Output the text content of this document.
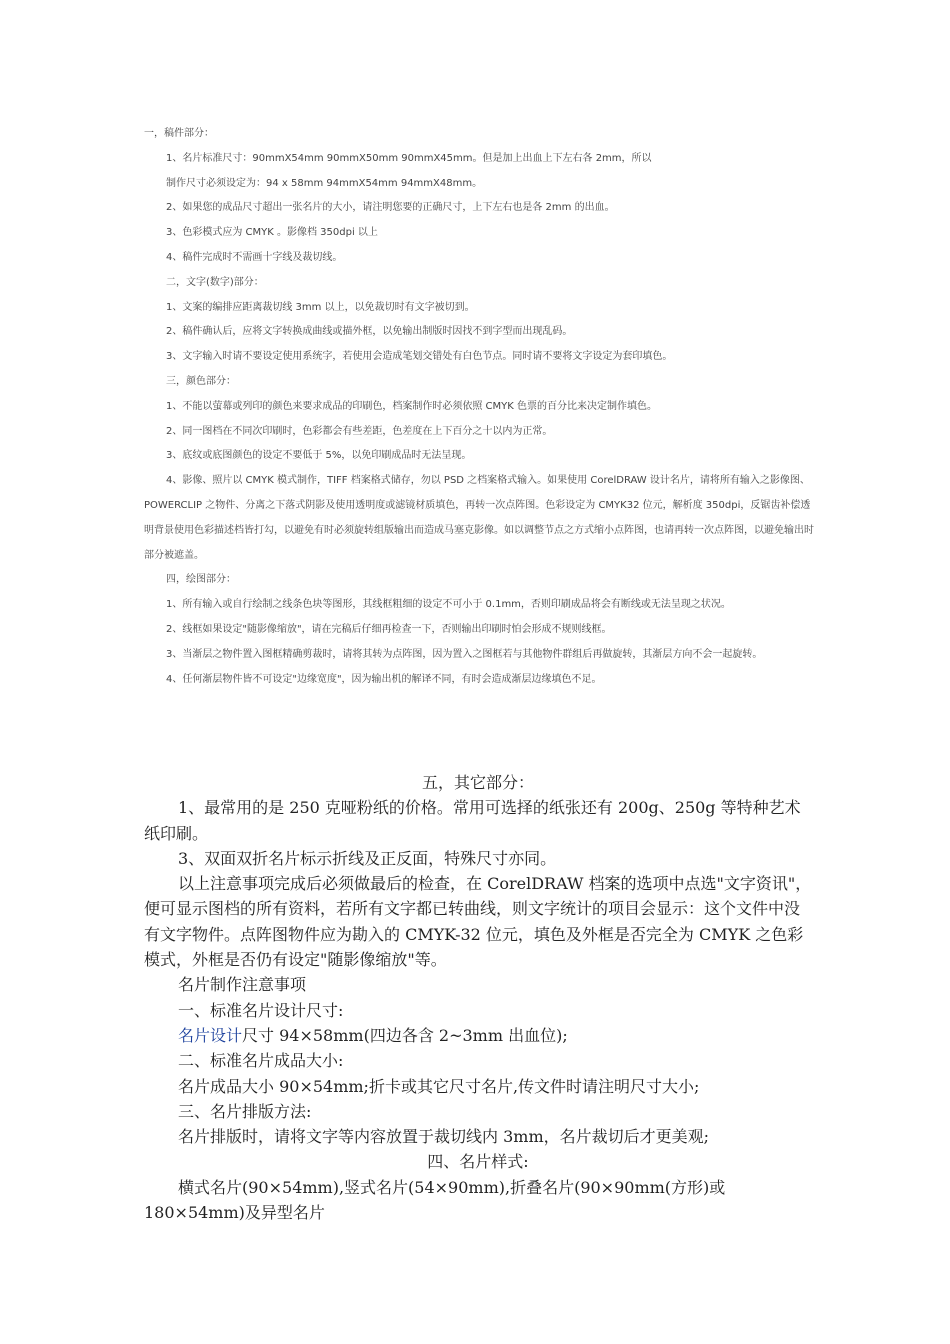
一，稿件部分：

1、名片标准尺寸：90mmX54mm 90mmX50mm 90mmX45mm。但是加上出血上下左右各 2mm，所以

制作尺寸必须设定为：94 x 58mm 94mmX54mm 94mmX48mm。

2、如果您的成品尺寸超出一张名片的大小，请注明您要的正确尺寸，上下左右也是各 2mm 的出血。

3、色彩模式应为 CMYK 。影像档 350dpi 以上

4、稿件完成时不需画十字线及裁切线。

二，文字(数字)部分：

1、文案的编排应距离裁切线 3mm 以上，以免裁切时有文字被切到。

2、稿件确认后，应将文字转换成曲线或描外框，以免输出制版时因找不到字型而出现乱码。

3、文字输入时请不要设定使用系统字，若使用会造成笔划交错处有白色节点。同时请不要将文字设定为套印填色。

三，颜色部分：

1、不能以萤幕或列印的颜色来要求成品的印刷色，档案制作时必须依照 CMYK 色票的百分比来决定制作填色。

2、同一图档在不同次印刷时，色彩都会有些差距，色差度在上下百分之十以内为正常。

3、底纹或底图颜色的设定不要低于 5%，以免印刷成品时无法呈现。

4、影像、照片以 CMYK 模式制作，TIFF 档案格式储存，勿以 PSD 之档案格式输入。如果使用 CorelDRAW 设计名片，请将所有输入之影像图、POWERCLIP 之物件、分离之下落式阴影及使用透明度或滤镜材质填色，再转一次点阵图。色彩设定为 CMYK32 位元，解析度 350dpi，反锯齿补偿透明背景使用色彩描述档皆打勾，以避免有时必须旋转组版输出而造成马塞克影像。如以调整节点之方式缩小点阵图，也请再转一次点阵图，以避免输出时部分被遮盖。

四，绘图部分：

1、所有输入或自行绘制之线条色块等图形，其线框粗细的设定不可小于 0.1mm，否则印刷成品将会有断线或无法呈现之状况。

2、线框如果设定"随影像缩放"，请在完稿后仔细再检查一下，否则输出印刷时怕会形成不规则线框。

3、当渐层之物件置入图框精确剪裁时，请将其转为点阵图，因为置入之图框若与其他物件群组后再做旋转，其渐层方向不会一起旋转。

4、任何渐层物件皆不可设定"边缘宽度"，因为输出机的解译不同，有时会造成渐层边缘填色不足。

五，其它部分：

1、最常用的是 250 克哑粉纸的价格。常用可选择的纸张还有 200g、250g 等特种艺术纸印刷。

3、双面双折名片标示折线及正反面，特殊尺寸亦同。

以上注意事项完成后必须做最后的检查，在 CorelDRAW 档案的选项中点选"文字资讯"，便可显示图档的所有资料，若所有文字都已转曲线，则文字统计的项目会显示：这个文件中没有文字物件。点阵图物件应为勘入的 CMYK-32 位元，填色及外框是否完全为 CMYK 之色彩模式，外框是否仍有设定"随影像缩放"等。

名片制作注意事项

一、标准名片设计尺寸:

名片设计尺寸 94×58mm(四边各含 2~3mm 出血位);

二、标准名片成品大小:

名片成品大小 90×54mm;折卡或其它尺寸名片,传文件时请注明尺寸大小;

三、名片排版方法:

名片排版时，请将文字等内容放置于裁切线内 3mm，名片裁切后才更美观;

四、名片样式:

横式名片(90×54mm),竖式名片(54×90mm),折叠名片(90×90mm(方形)或 180×54mm)及异型名片
